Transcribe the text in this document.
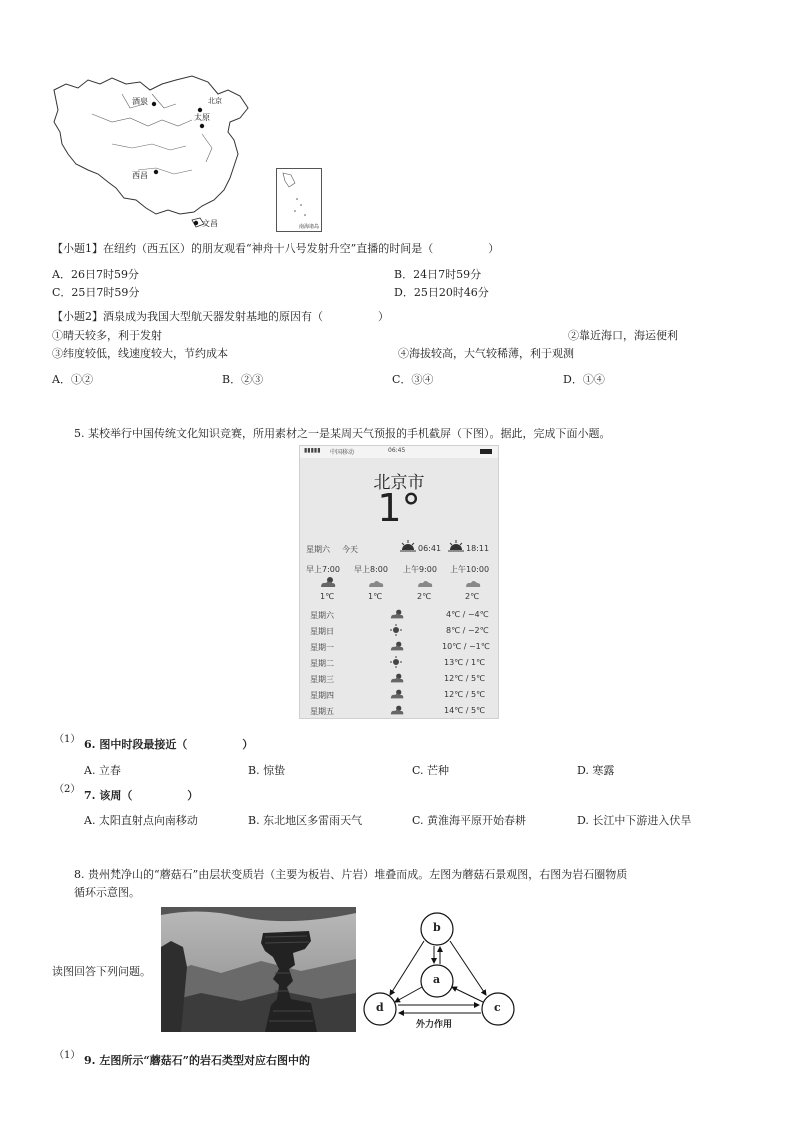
酒泉
太原
西昌
文昌
北京
南海诸岛
【小题1】在纽约（西五区）的朋友观看“神舟十八号发射升空”直播的时间是（　　　　　）
A．26日7时59分	B．24日7时59分
C．25日7时59分	D．25日20时46分
【小题2】酒泉成为我国大型航天器发射基地的原因有（　　　　　）
①晴天较多，利于发射	②靠近海口，海运便利
③纬度较低，线速度较大，节约成本	④海拔较高，大气较稀薄，利于观测
A．①②	B．②③	C．③④	D．①④
5. 某校举行中国传统文化知识竞赛，所用素材之一是某周天气预报的手机截屏（下图）。据此，完成下面小题。
▮▮▮▮▮ 中国移动	06:45
北京市
1°
星期六 今天	06:41	18:11
早上7:00 早上8:00 上午9:00 上午10:00
1℃	1℃	2℃	2℃
星期六	4℃ / −4℃
星期日	8℃ / −2℃
星期一	10℃ / −1℃
星期二	13℃ / 1℃
星期三	12℃ / 5℃
星期四	12℃ / 5℃
星期五	14℃ / 5℃
（1） 6. 图中时段最接近（　　　　　）
A. 立春	B. 惊蛰	C. 芒种	D. 寒露
（2） 7. 该周（　　　　　）
A. 太阳直射点向南移动	B. 东北地区多雷雨天气	C. 黄淮海平原开始春耕	D. 长江中下游进入伏旱
8. 贵州梵净山的“蘑菇石”由层状变质岩（主要为板岩、片岩）堆叠而成。左图为蘑菇石景观图，右图为岩石圈物质
循环示意图。
读图回答下列问题。
b
a
d	c
外力作用
（1） 9. 左图所示“蘑菇石”的岩石类型对应右图中的
